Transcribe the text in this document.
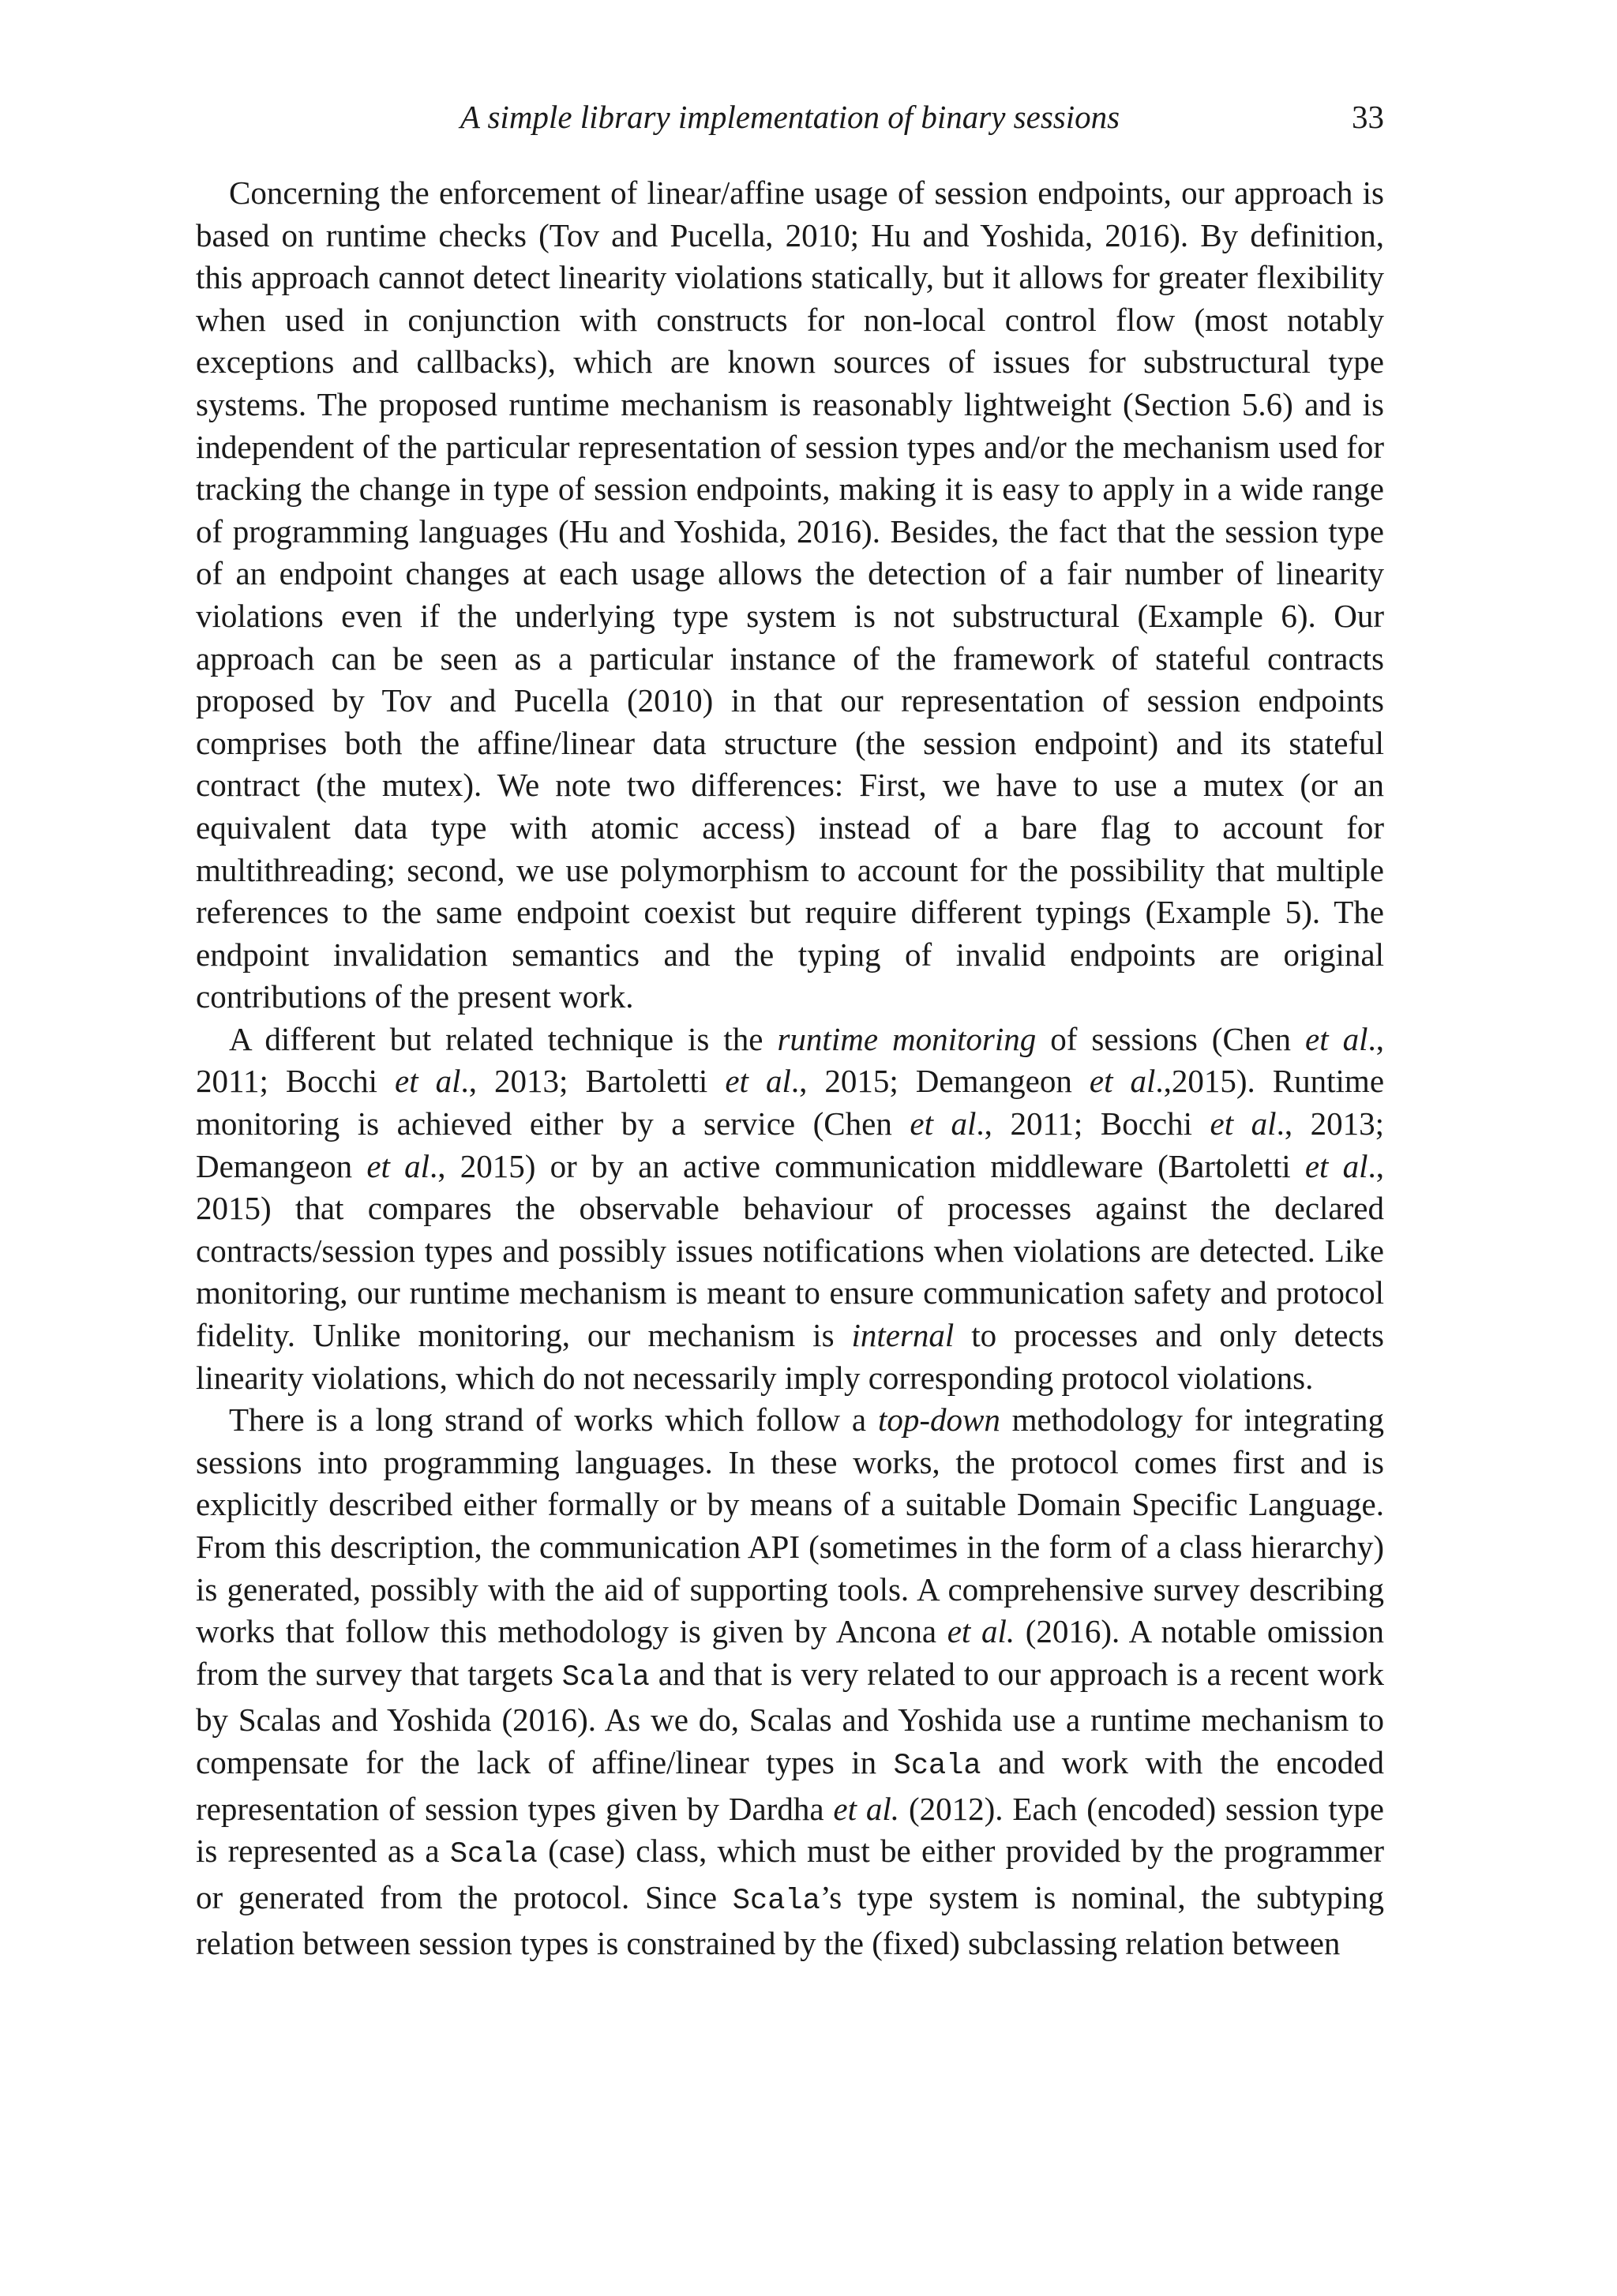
A simple library implementation of binary sessions	33

Concerning the enforcement of linear/affine usage of session endpoints, our approach is based on runtime checks (Tov and Pucella, 2010; Hu and Yoshida, 2016). By definition, this approach cannot detect linearity violations statically, but it allows for greater flexibility when used in conjunction with constructs for non-local control flow (most notably exceptions and callbacks), which are known sources of issues for substructural type systems. The proposed runtime mechanism is reasonably lightweight (Section 5.6) and is independent of the particular representation of session types and/or the mechanism used for tracking the change in type of session endpoints, making it is easy to apply in a wide range of programming languages (Hu and Yoshida, 2016). Besides, the fact that the session type of an endpoint changes at each usage allows the detection of a fair number of linearity violations even if the underlying type system is not substructural (Example 6). Our approach can be seen as a particular instance of the framework of stateful contracts proposed by Tov and Pucella (2010) in that our representation of session endpoints comprises both the affine/linear data structure (the session endpoint) and its stateful contract (the mutex). We note two differences: First, we have to use a mutex (or an equivalent data type with atomic access) instead of a bare flag to account for multithreading; second, we use polymorphism to account for the possibility that multiple references to the same endpoint coexist but require different typings (Example 5). The endpoint invalidation semantics and the typing of invalid endpoints are original contributions of the present work.

A different but related technique is the runtime monitoring of sessions (Chen et al., 2011; Bocchi et al., 2013; Bartoletti et al., 2015; Demangeon et al.,2015). Runtime monitoring is achieved either by a service (Chen et al., 2011; Bocchi et al., 2013; Demangeon et al., 2015) or by an active communication middleware (Bartoletti et al., 2015) that compares the observable behaviour of processes against the declared contracts/session types and possibly issues notifications when violations are detected. Like monitoring, our runtime mechanism is meant to ensure communication safety and protocol fidelity. Unlike monitoring, our mechanism is internal to processes and only detects linearity violations, which do not necessarily imply corresponding protocol violations.

There is a long strand of works which follow a top-down methodology for integrating sessions into programming languages. In these works, the protocol comes first and is explicitly described either formally or by means of a suitable Domain Specific Language. From this description, the communication API (sometimes in the form of a class hierarchy) is generated, possibly with the aid of supporting tools. A comprehensive survey describing works that follow this methodology is given by Ancona et al. (2016). A notable omission from the survey that targets Scala and that is very related to our approach is a recent work by Scalas and Yoshida (2016). As we do, Scalas and Yoshida use a runtime mechanism to compensate for the lack of affine/linear types in Scala and work with the encoded representation of session types given by Dardha et al. (2012). Each (encoded) session type is represented as a Scala (case) class, which must be either provided by the programmer or generated from the protocol. Since Scala’s type system is nominal, the subtyping relation between session types is constrained by the (fixed) subclassing relation between
